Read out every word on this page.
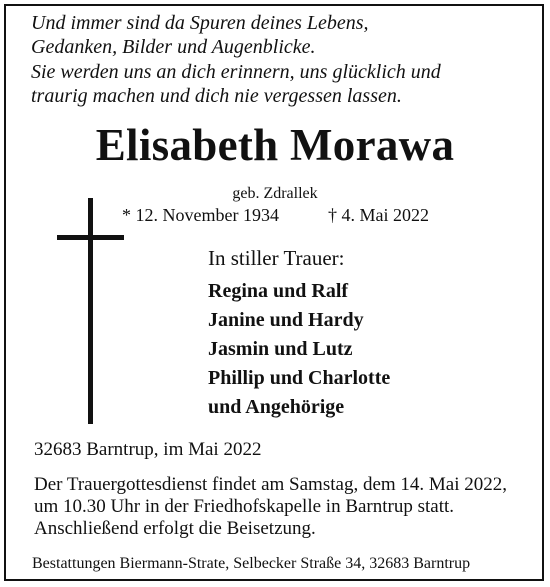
Und immer sind da Spuren deines Lebens,
Gedanken, Bilder und Augenblicke.
Sie werden uns an dich erinnern, uns glücklich und
traurig machen und dich nie vergessen lassen.
Elisabeth Morawa
geb. Zdrallek
* 12. November 1934	† 4. Mai 2022
In stiller Trauer:
Regina und Ralf
Janine und Hardy
Jasmin und Lutz
Phillip und Charlotte
und Angehörige
32683 Barntrup, im Mai 2022
Der Trauergottesdienst findet am Samstag, dem 14. Mai 2022,
um 10.30 Uhr in der Friedhofskapelle in Barntrup statt.
Anschließend erfolgt die Beisetzung.
Bestattungen Biermann-Strate, Selbecker Straße 34, 32683 Barntrup
